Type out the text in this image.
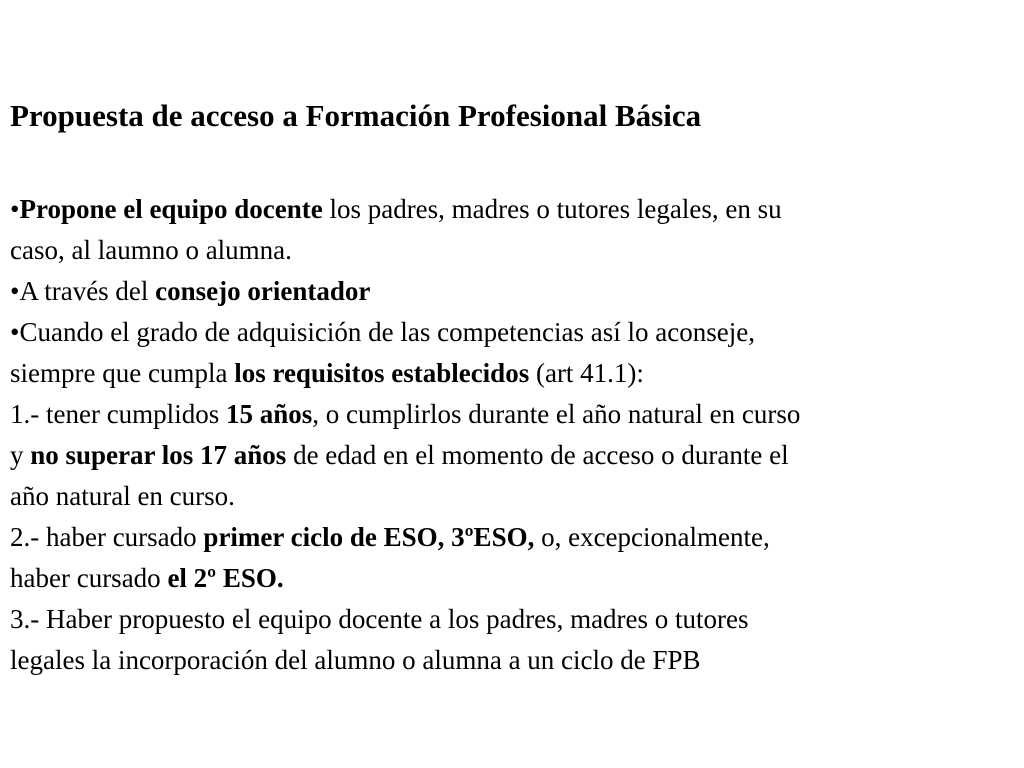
Propuesta de acceso a Formación Profesional Básica
•Propone el equipo docente los padres, madres o tutores legales, en su
caso, al laumno o alumna.
•A través del consejo orientador
•Cuando el grado de adquisición de las competencias así lo aconseje,
siempre que cumpla los requisitos establecidos (art 41.1):
1.- tener cumplidos 15 años, o cumplirlos durante el año natural en curso
y no superar los 17 años de edad en el momento de acceso o durante el
año natural en curso.
2.- haber cursado primer ciclo de ESO, 3ºESO, o, excepcionalmente,
haber cursado el 2º ESO.
3.- Haber propuesto el equipo docente a los padres, madres o tutores
legales la incorporación del alumno o alumna a un ciclo de FPB
